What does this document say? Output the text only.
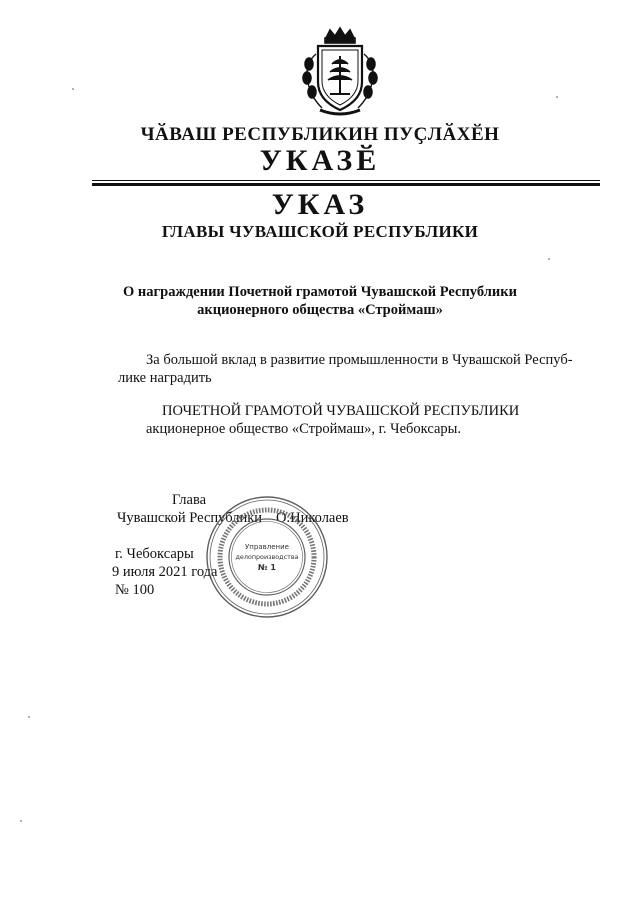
ЧӐВАШ РЕСПУБЛИКИН ПУҪЛӐХӖН
УКАЗӖ
УКАЗ
ГЛАВЫ ЧУВАШСКОЙ РЕСПУБЛИКИ
О награждении Почетной грамотой Чувашской Республики
акционерного общества «Строймаш»
За большой вклад в развитие промышленности в Чувашской Респуб-
лике наградить
ПОЧЕТНОЙ ГРАМОТОЙ ЧУВАШСКОЙ РЕСПУБЛИКИ
акционерное общество «Строймаш», г. Чебоксары.
Глава
Чувашской Республики О.Николаев
г. Чебоксары
9 июля 2021 года
№ 100
Управление
делопроизводства
№ 1
